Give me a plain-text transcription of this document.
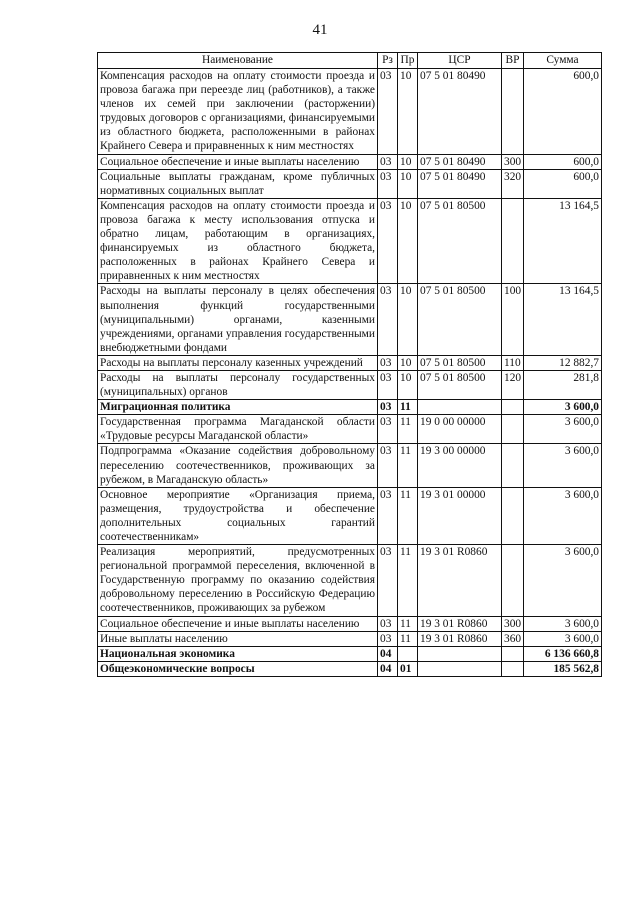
41
Наименование	Рз	Пр	ЦСР	ВР	Сумма
Компенсация расходов на оплату стоимости проезда и провоза багажа при переезде лиц (работников), а также членов их семей при заключении (расторжении) трудовых договоров с организациями, финансируемыми из областного бюджета, расположенными в районах Крайнего Севера и приравненных к ним местностях	03	10	07 5 01 80490		600,0
Социальное обеспечение и иные выплаты населению	03	10	07 5 01 80490	300	600,0
Социальные выплаты гражданам, кроме публичных нормативных социальных выплат	03	10	07 5 01 80490	320	600,0
Компенсация расходов на оплату стоимости проезда и провоза багажа к месту использования отпуска и обратно лицам, работающим в организациях, финансируемых из областного бюджета, расположенных в районах Крайнего Севера и приравненных к ним местностях	03	10	07 5 01 80500		13 164,5
Расходы на выплаты персоналу в целях обеспечения выполнения функций государственными (муниципальными) органами, казенными учреждениями, органами управления государственными внебюджетными фондами	03	10	07 5 01 80500	100	13 164,5
Расходы на выплаты персоналу казенных учреждений	03	10	07 5 01 80500	110	12 882,7
Расходы на выплаты персоналу государственных (муниципальных) органов	03	10	07 5 01 80500	120	281,8
Миграционная политика	03	11			3 600,0
Государственная программа Магаданской области «Трудовые ресурсы Магаданской области»	03	11	19 0 00 00000		3 600,0
Подпрограмма «Оказание содействия добровольному переселению соотечественников, проживающих за рубежом, в Магаданскую область»	03	11	19 3 00 00000		3 600,0
Основное мероприятие «Организация приема, размещения, трудоустройства и обеспечение дополнительных социальных гарантий соотечественникам»	03	11	19 3 01 00000		3 600,0
Реализация мероприятий, предусмотренных региональной программой переселения, включенной в Государственную программу по оказанию содействия добровольному переселению в Российскую Федерацию соотечественников, проживающих за рубежом	03	11	19 3 01 R0860		3 600,0
Социальное обеспечение и иные выплаты населению	03	11	19 3 01 R0860	300	3 600,0
Иные выплаты населению	03	11	19 3 01 R0860	360	3 600,0
Национальная экономика	04				6 136 660,8
Общеэкономические вопросы	04	01			185 562,8
